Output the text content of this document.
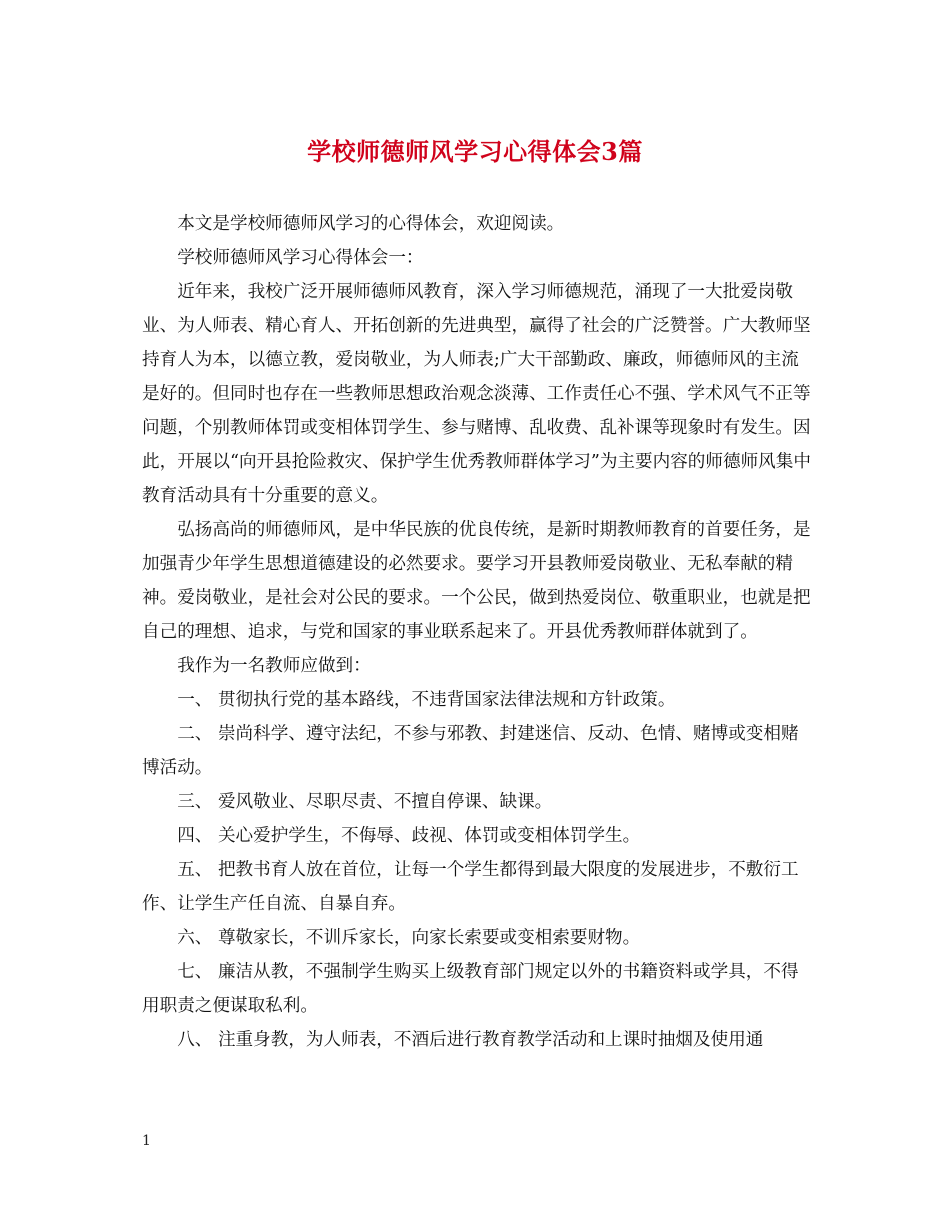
学校师德师风学习心得体会3篇

本文是学校师德师风学习的心得体会，欢迎阅读。

学校师德师风学习心得体会一：

近年来，我校广泛开展师德师风教育，深入学习师德规范，涌现了一大批爱岗敬业、为人师表、精心育人、开拓创新的先进典型，赢得了社会的广泛赞誉。广大教师坚持育人为本，以德立教，爱岗敬业，为人师表;广大干部勤政、廉政，师德师风的主流是好的。但同时也存在一些教师思想政治观念淡薄、工作责任心不强、学术风气不正等问题，个别教师体罚或变相体罚学生、参与赌博、乱收费、乱补课等现象时有发生。因此，开展以“向开县抢险救灾、保护学生优秀教师群体学习”为主要内容的师德师风集中教育活动具有十分重要的意义。

弘扬高尚的师德师风，是中华民族的优良传统，是新时期教师教育的首要任务，是加强青少年学生思想道德建设的必然要求。要学习开县教师爱岗敬业、无私奉献的精神。爱岗敬业，是社会对公民的要求。一个公民，做到热爱岗位、敬重职业，也就是把自己的理想、追求，与党和国家的事业联系起来了。开县优秀教师群体就到了。

我作为一名教师应做到：

一、 贯彻执行党的基本路线，不违背国家法律法规和方针政策。

二、 崇尚科学、遵守法纪，不参与邪教、封建迷信、反动、色情、赌博或变相赌博活动。

三、 爱风敬业、尽职尽责、不擅自停课、缺课。

四、 关心爱护学生，不侮辱、歧视、体罚或变相体罚学生。

五、 把教书育人放在首位，让每一个学生都得到最大限度的发展进步，不敷衍工作、让学生产任自流、自暴自弃。

六、 尊敬家长，不训斥家长，向家长索要或变相索要财物。

七、 廉洁从教，不强制学生购买上级教育部门规定以外的书籍资料或学具，不得用职责之便谋取私利。

八、 注重身教，为人师表，不酒后进行教育教学活动和上课时抽烟及使用通

1
